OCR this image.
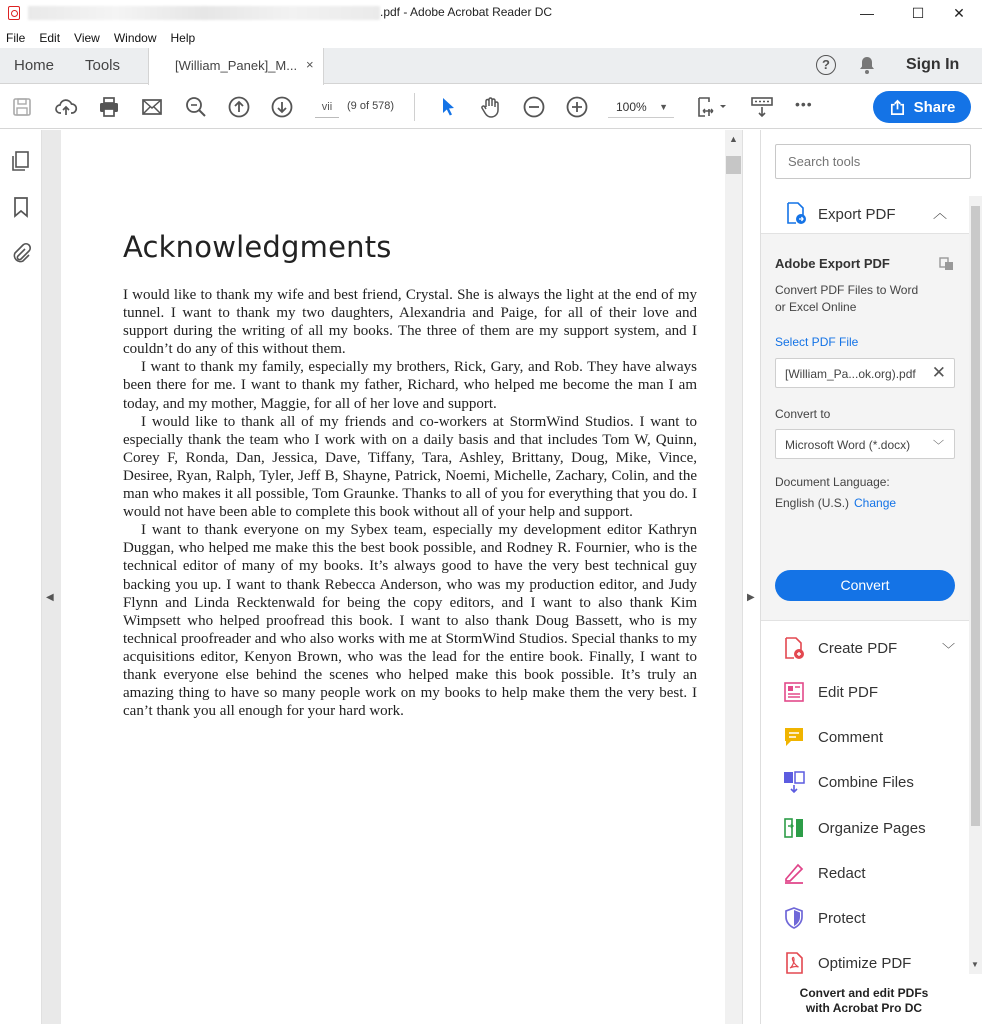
.pdf - Adobe Acrobat Reader DC	—	☐	✕
File Edit View Window Help
Home Tools	[William_Panek]_M... ×	?	Sign In
vii	(9 of 578)	100% ▼	•••	Share
◀
Acknowledgments

I would like to thank my wife and best friend, Crystal. She is always the light at the end of my tunnel. I want to thank my two daughters, Alexandria and Paige, for all of their love and support during the writing of all my books. The three of them are my support system, and I couldn’t do any of this without them.

I want to thank my family, especially my brothers, Rick, Gary, and Rob. They have always been there for me. I want to thank my father, Richard, who helped me become the man I am today, and my mother, Maggie, for all of her love and support.

I would like to thank all of my friends and co-workers at StormWind Studios. I want to especially thank the team who I work with on a daily basis and that includes Tom W, Quinn, Corey F, Ronda, Dan, Jessica, Dave, Tiffany, Tara, Ashley, Brittany, Doug, Mike, Vince, Desiree, Ryan, Ralph, Tyler, Jeff B, Shayne, Patrick, Noemi, Michelle, Zachary, Colin, and the man who makes it all possible, Tom Graunke. Thanks to all of you for everything that you do. I would not have been able to complete this book without all of your help and support.

I want to thank everyone on my Sybex team, especially my development editor Kathryn Duggan, who helped me make this the best book possible, and Rodney R. Fournier, who is the technical editor of many of my books. It’s always good to have the very best technical guy backing you up. I want to thank Rebecca Anderson, who was my production editor, and Judy Flynn and Linda Recktenwald for being the copy editors, and I want to also thank Kim Wimpsett who helped proofread this book. I want to also thank Doug Bassett, who is my technical proofreader and who also works with me at StormWind Studios. Special thanks to my acquisitions editor, Kenyon Brown, who was the lead for the entire book. Finally, I want to thank everyone else behind the scenes who helped make this book possible. It’s truly an amazing thing to have so many people work on my books to help make them the very best. I can’t thank you all enough for your hard work.

▲
▶
Search tools
Export PDF	︿
Adobe Export PDF
Convert PDF Files to Word
or Excel Online
Select PDF File
[William_Pa...ok.org).pdf ✕
Convert to
Microsoft Word (*.docx) ﹀
Document Language:
English (U.S.) Change
Convert
Create PDF	﹀
Edit PDF
Comment
Combine Files
Organize Pages
Redact
Protect
Optimize PDF	▼
Convert and edit PDFs
with Acrobat Pro DC
